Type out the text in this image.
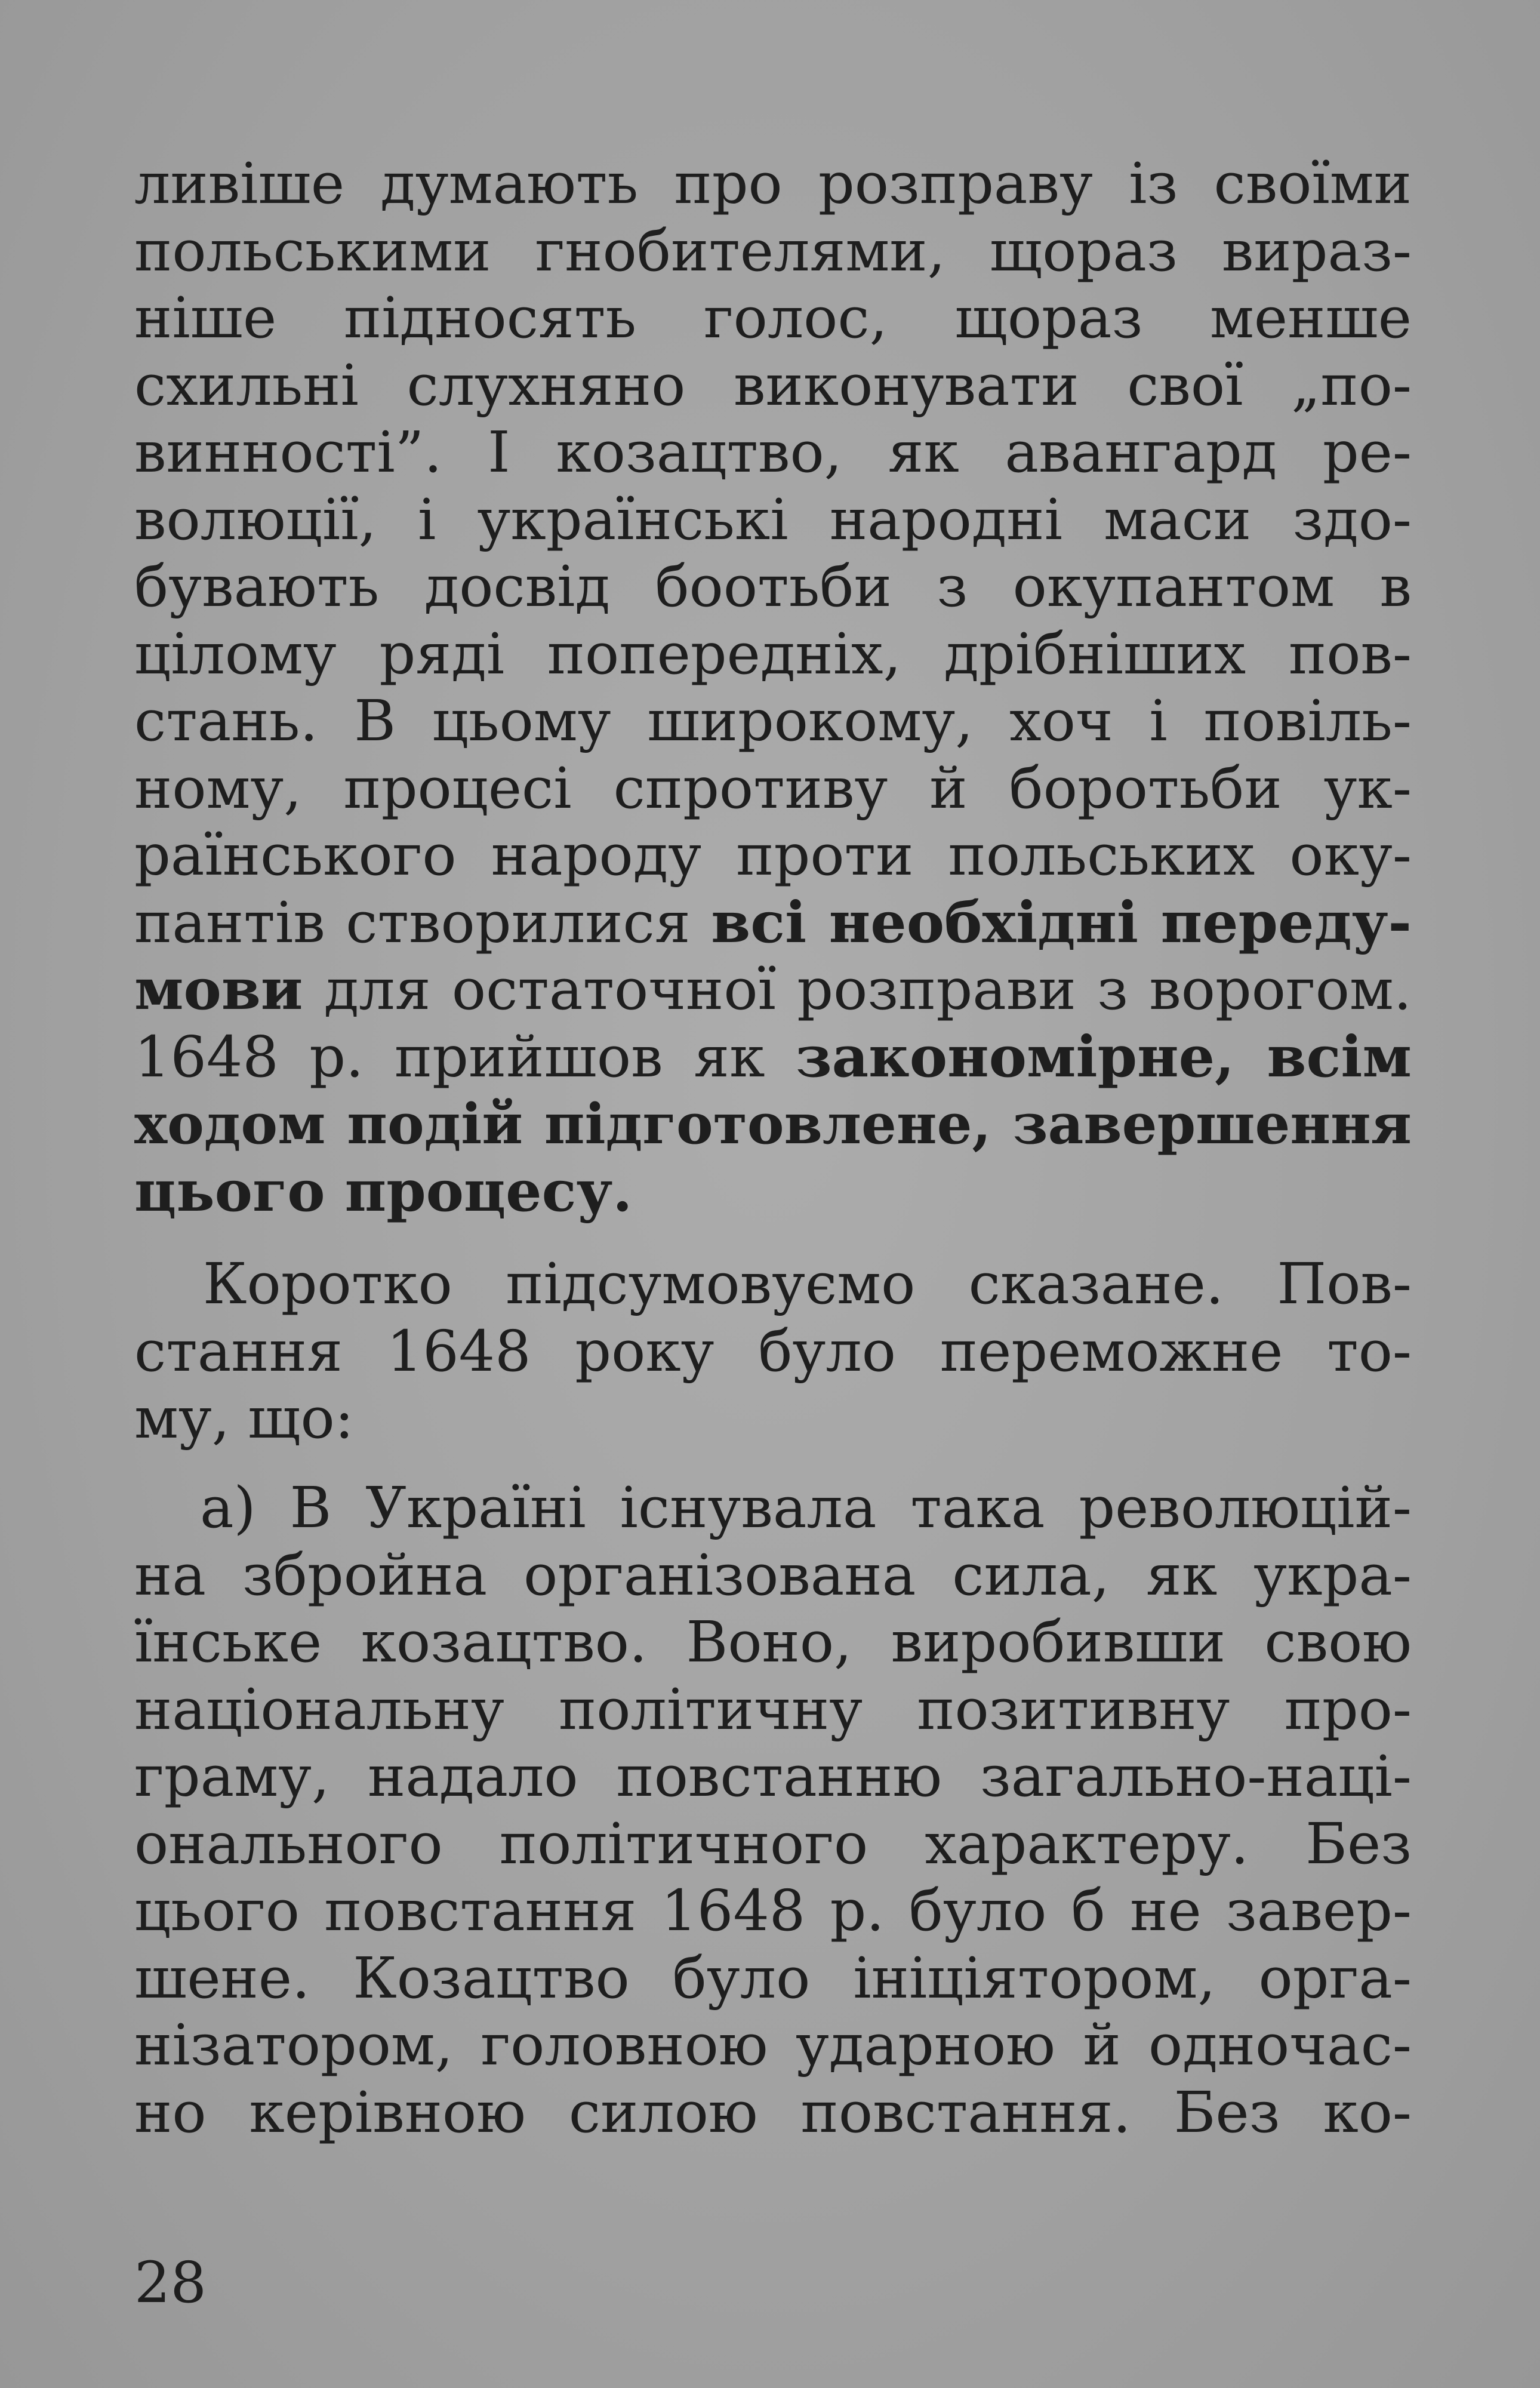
ливіше думають про розправу із своїми
польськими гнобителями, щораз вираз-
ніше підносять голос, щораз менше
схильні слухняно виконувати свої „по-
винності”. І козацтво, як авангард ре-
волюції, і українські народні маси здо-
бувають досвід боотьби з окупантом в
цілому ряді попередніх, дрібніших пов-
стань. В цьому широкому, хоч і повіль-
ному, процесі спротиву й боротьби ук-
раїнського народу проти польських оку-
пантів створилися всі необхідні переду-
мови для остаточної розправи з ворогом.
1648 р. прийшов як закономірне, всім
ходом подій підготовлене, завершення
цього процесу.
Коротко підсумовуємо сказане. Пов-
стання 1648 року було переможне то-
му, що:
а) В Україні існувала така революцій-
на збройна організована сила, як укра-
їнське козацтво. Воно, виробивши свою
національну політичну позитивну про-
граму, надало повстанню загально-наці-
онального політичного характеру. Без
цього повстання 1648 р. було б не завер-
шене. Козацтво було ініціятором, орга-
нізатором, головною ударною й одночас-
но керівною силою повстання. Без ко-
28
